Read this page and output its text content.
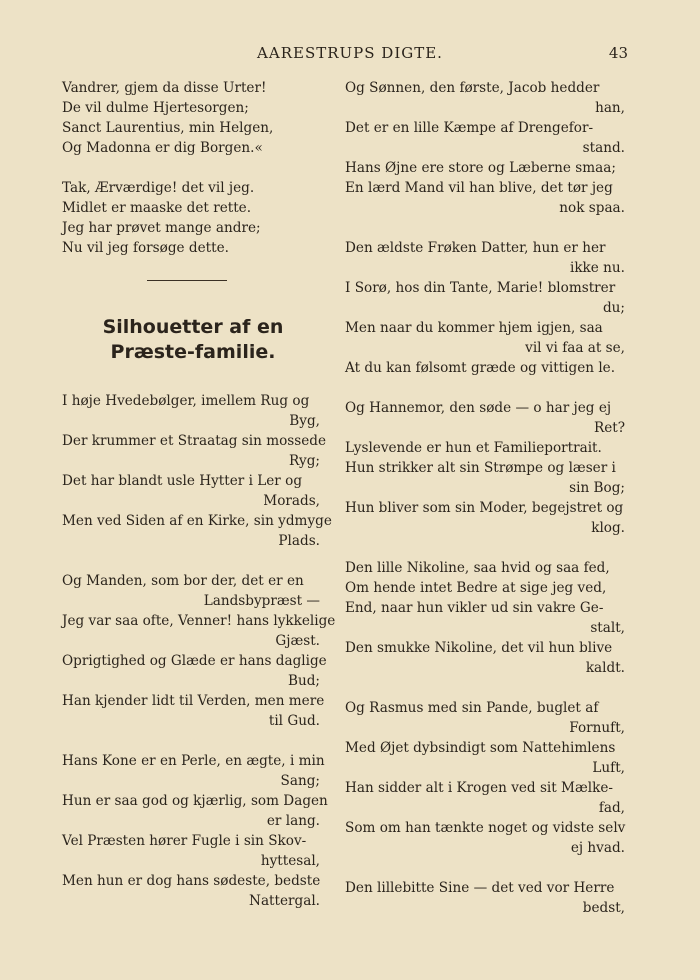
AARESTRUPS DIGTE.	43
Vandrer, gjem da disse Urter!
De vil dulme Hjertesorgen;
Sanct Laurentius, min Helgen,
Og Madonna er dig Borgen.«
Tak, Ærværdige! det vil jeg.
Midlet er maaske det rette.
Jeg har prøvet mange andre;
Nu vil jeg forsøge dette.
Silhouetter af en Præste-familie.
I høje Hvedebølger, imellem Rug og
Byg,
Der krummer et Straatag sin mossede
Ryg;
Det har blandt usle Hytter i Ler og
Morads,
Men ved Siden af en Kirke, sin ydmyge
Plads.
Og Manden, som bor der, det er en
Landsbypræst —
Jeg var saa ofte, Venner! hans lykkelige
Gjæst.
Oprigtighed og Glæde er hans daglige
Bud;
Han kjender lidt til Verden, men mere
til Gud.
Hans Kone er en Perle, en ægte, i min
Sang;
Hun er saa god og kjærlig, som Dagen
er lang.
Vel Præsten hører Fugle i sin Skov-
hyttesal,
Men hun er dog hans sødeste, bedste
Nattergal.
Og Sønnen, den første, Jacob hedder
han,
Det er en lille Kæmpe af Drengefor-
stand.
Hans Øjne ere store og Læberne smaa;
En lærd Mand vil han blive, det tør jeg
nok spaa.
Den ældste Frøken Datter, hun er her
ikke nu.
I Sorø, hos din Tante, Marie! blomstrer
du;
Men naar du kommer hjem igjen, saa
vil vi faa at se,
At du kan følsomt græde og vittigen le.
Og Hannemor, den søde — o har jeg ej
Ret?
Lyslevende er hun et Familieportrait.
Hun strikker alt sin Strømpe og læser i
sin Bog;
Hun bliver som sin Moder, begejstret og
klog.
Den lille Nikoline, saa hvid og saa fed,
Om hende intet Bedre at sige jeg ved,
End, naar hun vikler ud sin vakre Ge-
stalt,
Den smukke Nikoline, det vil hun blive
kaldt.
Og Rasmus med sin Pande, buglet af
Fornuft,
Med Øjet dybsindigt som Nattehimlens
Luft,
Han sidder alt i Krogen ved sit Mælke-
fad,
Som om han tænkte noget og vidste selv
ej hvad.
Den lillebitte Sine — det ved vor Herre
bedst,
